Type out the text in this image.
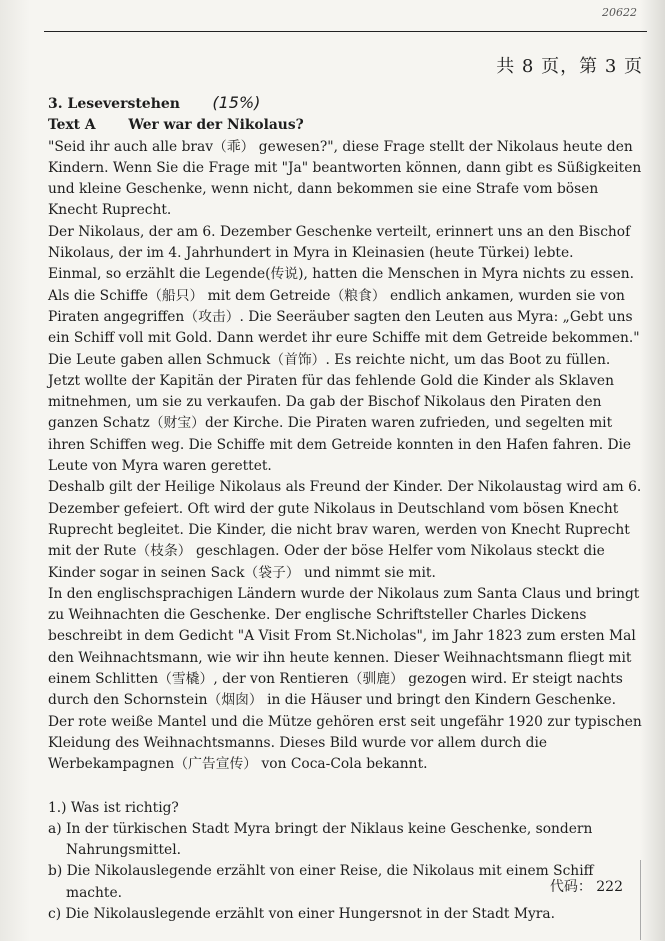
20622
共 8 页，第 3 页

3. Leseverstehen (15%)

Text A Wer war der Nikolaus?

"Seid ihr auch alle brav（乖） gewesen?", diese Frage stellt der Nikolaus heute den Kindern. Wenn Sie die Frage mit "Ja" beantworten können, dann gibt es Süßigkeiten und kleine Geschenke, wenn nicht, dann bekommen sie eine Strafe vom bösen Knecht Ruprecht.

Der Nikolaus, der am 6. Dezember Geschenke verteilt, erinnert uns an den Bischof Nikolaus, der im 4. Jahrhundert in Myra in Kleinasien (heute Türkei) lebte.

Einmal, so erzählt die Legende(传说), hatten die Menschen in Myra nichts zu essen. Als die Schiffe（船只） mit dem Getreide（粮食） endlich ankamen, wurden sie von Piraten angegriffen（攻击）. Die Seeräuber sagten den Leuten aus Myra: „Gebt uns ein Schiff voll mit Gold. Dann werdet ihr eure Schiffe mit dem Getreide bekommen." Die Leute gaben allen Schmuck（首饰）. Es reichte nicht, um das Boot zu füllen. Jetzt wollte der Kapitän der Piraten für das fehlende Gold die Kinder als Sklaven mitnehmen, um sie zu verkaufen. Da gab der Bischof Nikolaus den Piraten den ganzen Schatz（财宝）der Kirche. Die Piraten waren zufrieden, und segelten mit ihren Schiffen weg. Die Schiffe mit dem Getreide konnten in den Hafen fahren. Die Leute von Myra waren gerettet.

Deshalb gilt der Heilige Nikolaus als Freund der Kinder. Der Nikolaustag wird am 6. Dezember gefeiert. Oft wird der gute Nikolaus in Deutschland vom bösen Knecht Ruprecht begleitet. Die Kinder, die nicht brav waren, werden von Knecht Ruprecht mit der Rute（枝条） geschlagen. Oder der böse Helfer vom Nikolaus steckt die Kinder sogar in seinen Sack（袋子） und nimmt sie mit.

In den englischsprachigen Ländern wurde der Nikolaus zum Santa Claus und bringt zu Weihnachten die Geschenke. Der englische Schriftsteller Charles Dickens beschreibt in dem Gedicht "A Visit From St.Nicholas", im Jahr 1823 zum ersten Mal den Weihnachtsmann, wie wir ihn heute kennen. Dieser Weihnachtsmann fliegt mit einem Schlitten（雪橇）, der von Rentieren（驯鹿） gezogen wird. Er steigt nachts durch den Schornstein（烟囱） in die Häuser und bringt den Kindern Geschenke. Der rote weiße Mantel und die Mütze gehören erst seit ungefähr 1920 zur typischen Kleidung des Weihnachtsmanns. Dieses Bild wurde vor allem durch die Werbekampagnen（广告宣传） von Coca-Cola bekannt.

1.) Was ist richtig?

a) In der türkischen Stadt Myra bringt der Niklaus keine Geschenke, sondern Nahrungsmittel.

b) Die Nikolauslegende erzählt von einer Reise, die Nikolaus mit einem Schiff machte.

c) Die Nikolauslegende erzählt von einer Hungersnot in der Stadt Myra.

代码： 222
